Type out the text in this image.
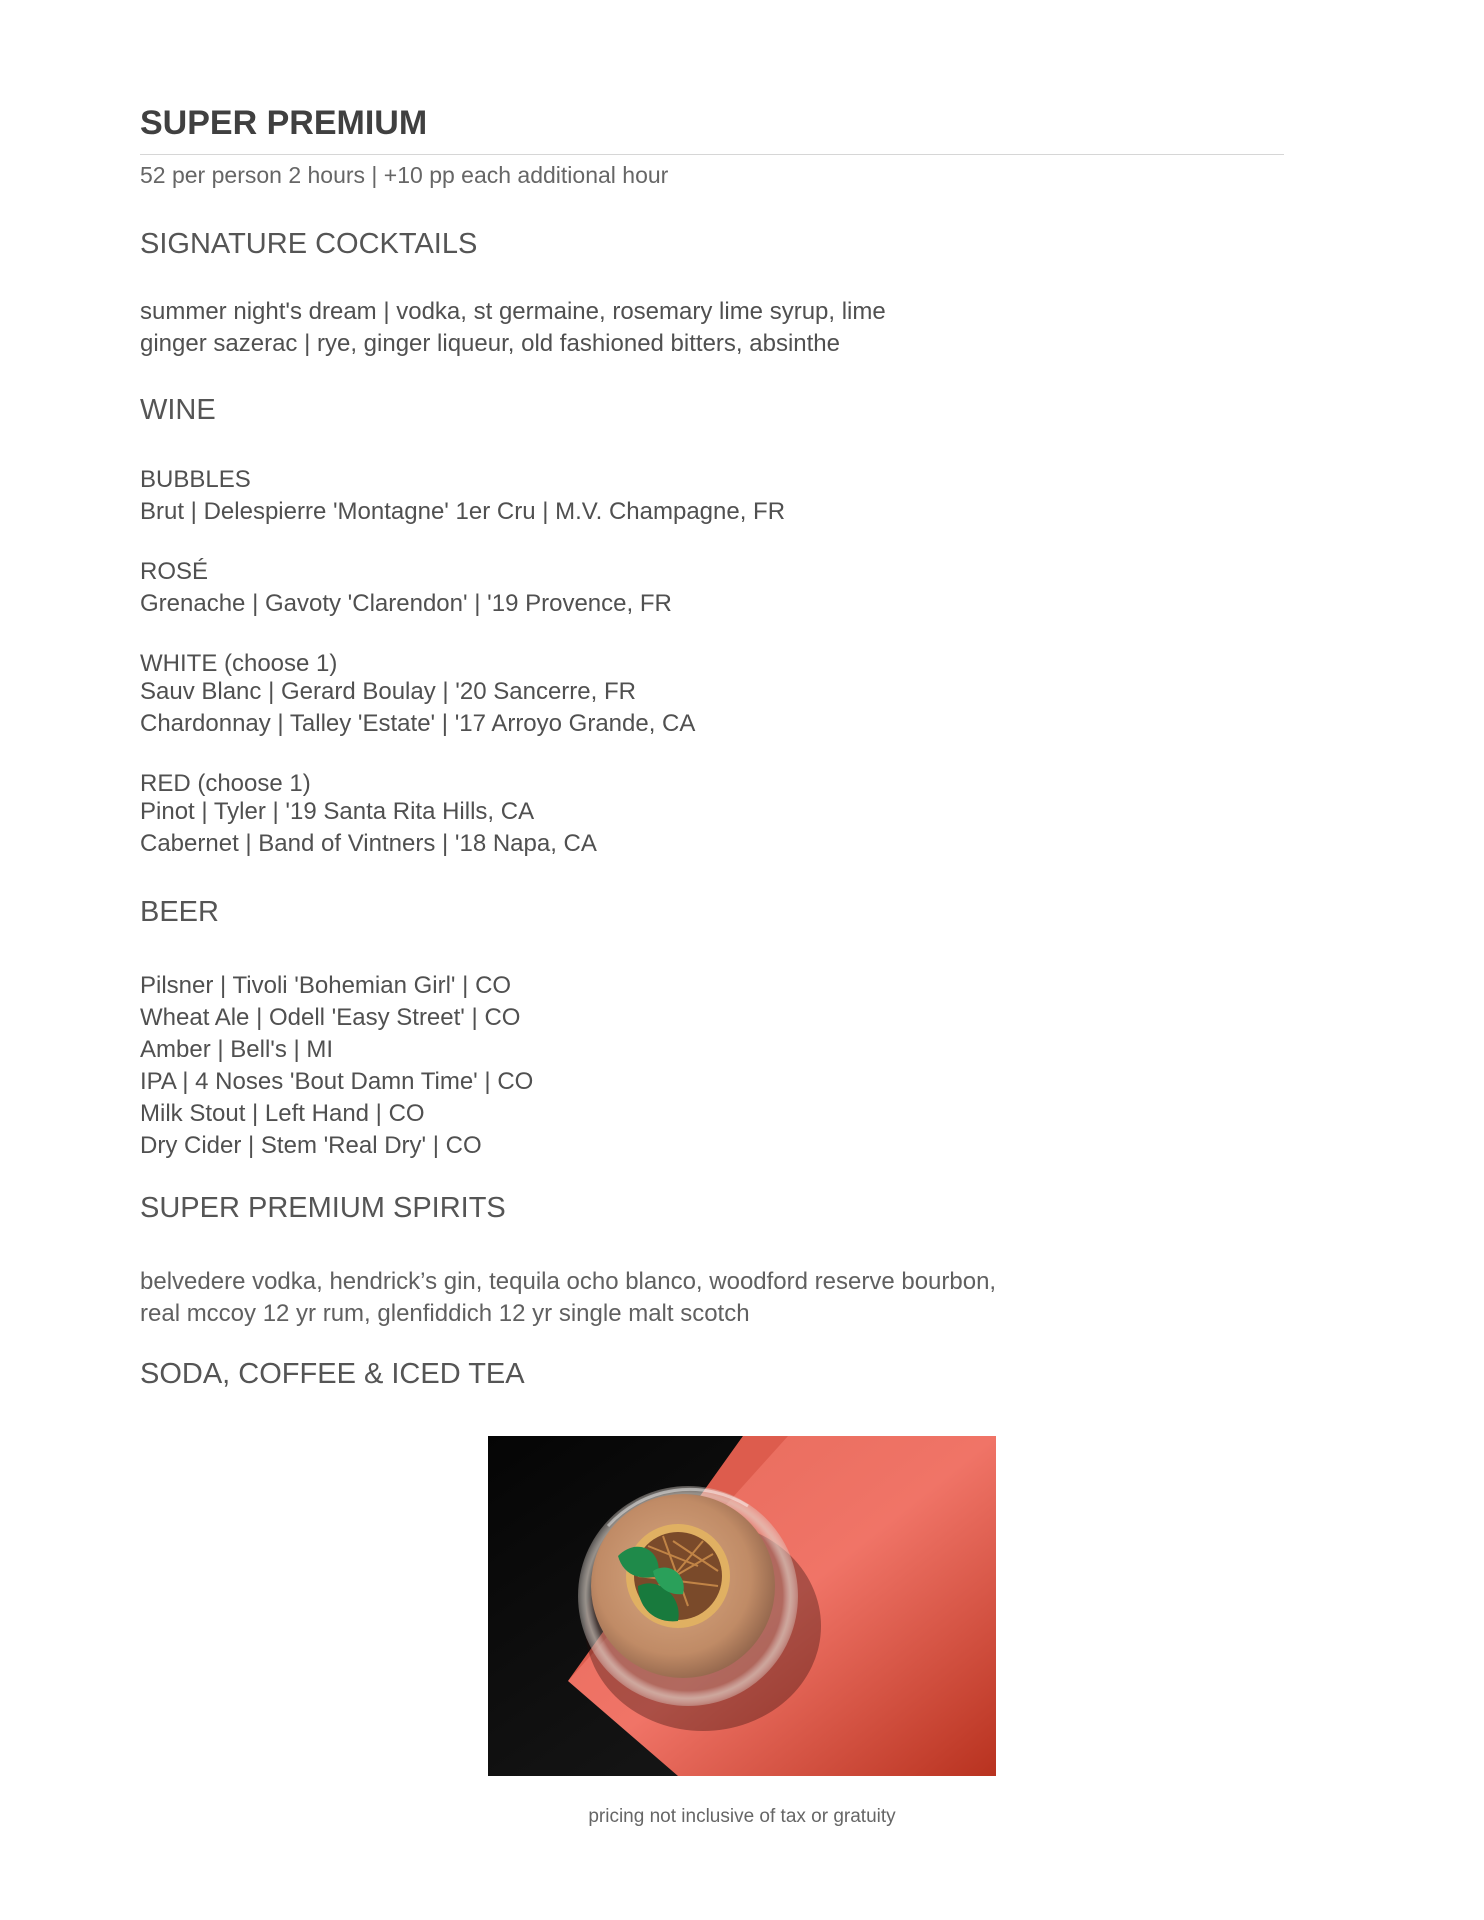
SUPER PREMIUM
52 per person 2 hours | +10 pp each additional hour
SIGNATURE COCKTAILS
summer night's dream | vodka, st germaine, rosemary lime syrup, lime
ginger sazerac | rye, ginger liqueur, old fashioned bitters, absinthe
WINE
BUBBLES
Brut | Delespierre 'Montagne' 1er Cru | M.V. Champagne, FR
ROSÉ
Grenache | Gavoty 'Clarendon' | '19 Provence, FR
WHITE (choose 1)
Sauv Blanc | Gerard Boulay | '20 Sancerre, FR
Chardonnay | Talley 'Estate' | '17 Arroyo Grande, CA
RED (choose 1)
Pinot | Tyler | '19 Santa Rita Hills, CA
Cabernet | Band of Vintners | '18 Napa, CA
BEER
Pilsner | Tivoli 'Bohemian Girl' | CO
Wheat Ale | Odell 'Easy Street' | CO
Amber | Bell's | MI
IPA | 4 Noses 'Bout Damn Time' | CO
Milk Stout | Left Hand | CO
Dry Cider | Stem 'Real Dry' | CO
SUPER PREMIUM SPIRITS
belvedere vodka, hendrick’s gin, tequila ocho blanco, woodford reserve bourbon,
real mccoy 12 yr rum, glenfiddich 12 yr single malt scotch
SODA, COFFEE & ICED TEA
pricing not inclusive of tax or gratuity
